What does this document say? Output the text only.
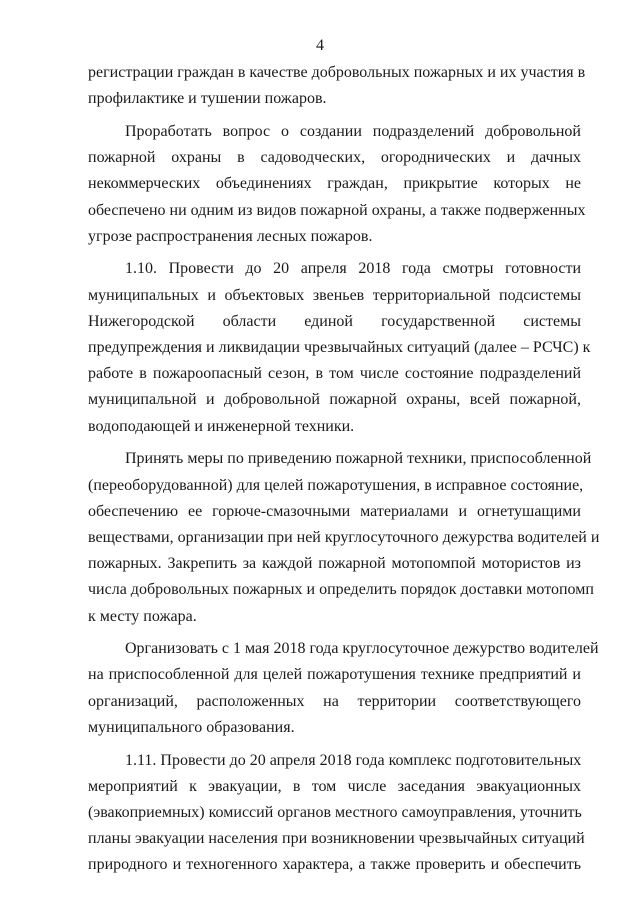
4
регистрации граждан в качестве добровольных пожарных и их участия в
профилактике и тушении пожаров.
Проработать вопрос о создании подразделений добровольной
пожарной охраны в садоводческих, огороднических и дачных
некоммерческих объединениях граждан, прикрытие которых не
обеспечено ни одним из видов пожарной охраны, а также подверженных
угрозе распространения лесных пожаров.
1.10. Провести до 20 апреля 2018 года смотры готовности
муниципальных и объектовых звеньев территориальной подсистемы
Нижегородской области единой государственной системы
предупреждения и ликвидации чрезвычайных ситуаций (далее – РСЧС) к
работе в пожароопасный сезон, в том числе состояние подразделений
муниципальной и добровольной пожарной охраны, всей пожарной,
водоподающей и инженерной техники.
Принять меры по приведению пожарной техники, приспособленной
(переоборудованной) для целей пожаротушения, в исправное состояние,
обеспечению ее горюче-смазочными материалами и огнетушащими
веществами, организации при ней круглосуточного дежурства водителей и
пожарных. Закрепить за каждой пожарной мотопомпой мотористов из
числа добровольных пожарных и определить порядок доставки мотопомп
к месту пожара.
Организовать с 1 мая 2018 года круглосуточное дежурство водителей
на приспособленной для целей пожаротушения технике предприятий и
организаций, расположенных на территории соответствующего
муниципального образования.
1.11. Провести до 20 апреля 2018 года комплекс подготовительных
мероприятий к эвакуации, в том числе заседания эвакуационных
(эвакоприемных) комиссий органов местного самоуправления, уточнить
планы эвакуации населения при возникновении чрезвычайных ситуаций
природного и техногенного характера, а также проверить и обеспечить
